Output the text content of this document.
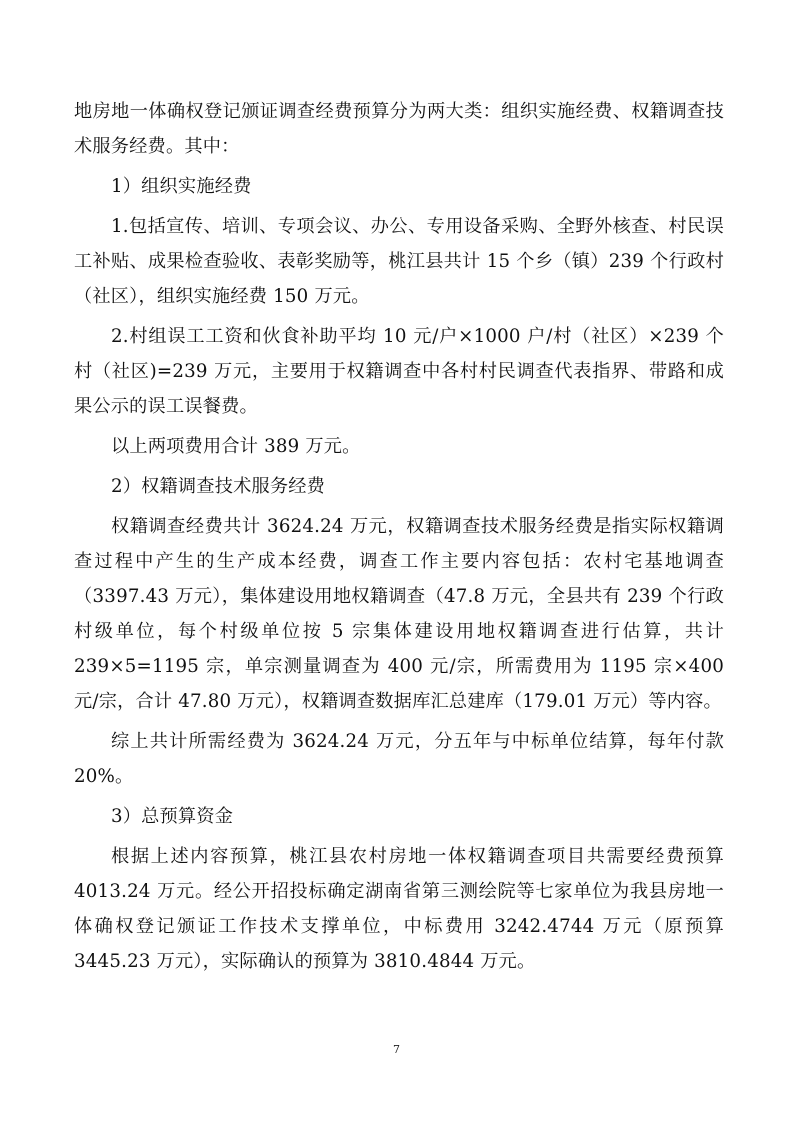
地房地一体确权登记颁证调查经费预算分为两大类：组织实施经费、权籍调查技术服务经费。其中：

1）组织实施经费

1.包括宣传、培训、专项会议、办公、专用设备采购、全野外核查、村民误工补贴、成果检查验收、表彰奖励等，桃江县共计 15 个乡（镇）239 个行政村（社区），组织实施经费 150 万元。

2.村组误工工资和伙食补助平均 10 元/户×1000 户/村（社区）×239 个村（社区)=239 万元，主要用于权籍调查中各村村民调查代表指界、带路和成果公示的误工误餐费。

以上两项费用合计 389 万元。

2）权籍调查技术服务经费

权籍调查经费共计 3624.24 万元，权籍调查技术服务经费是指实际权籍调查过程中产生的生产成本经费，调查工作主要内容包括：农村宅基地调查（3397.43 万元），集体建设用地权籍调查（47.8 万元，全县共有 239 个行政村级单位，每个村级单位按 5 宗集体建设用地权籍调查进行估算，共计 239×5=1195 宗，单宗测量调查为 400 元/宗，所需费用为 1195 宗×400 元/宗，合计 47.80 万元），权籍调查数据库汇总建库（179.01 万元）等内容。

综上共计所需经费为 3624.24 万元，分五年与中标单位结算，每年付款 20%。

3）总预算资金

根据上述内容预算，桃江县农村房地一体权籍调查项目共需要经费预算 4013.24 万元。经公开招投标确定湖南省第三测绘院等七家单位为我县房地一体确权登记颁证工作技术支撑单位，中标费用 3242.4744 万元（原预算 3445.23 万元），实际确认的预算为 3810.4844 万元。

7
